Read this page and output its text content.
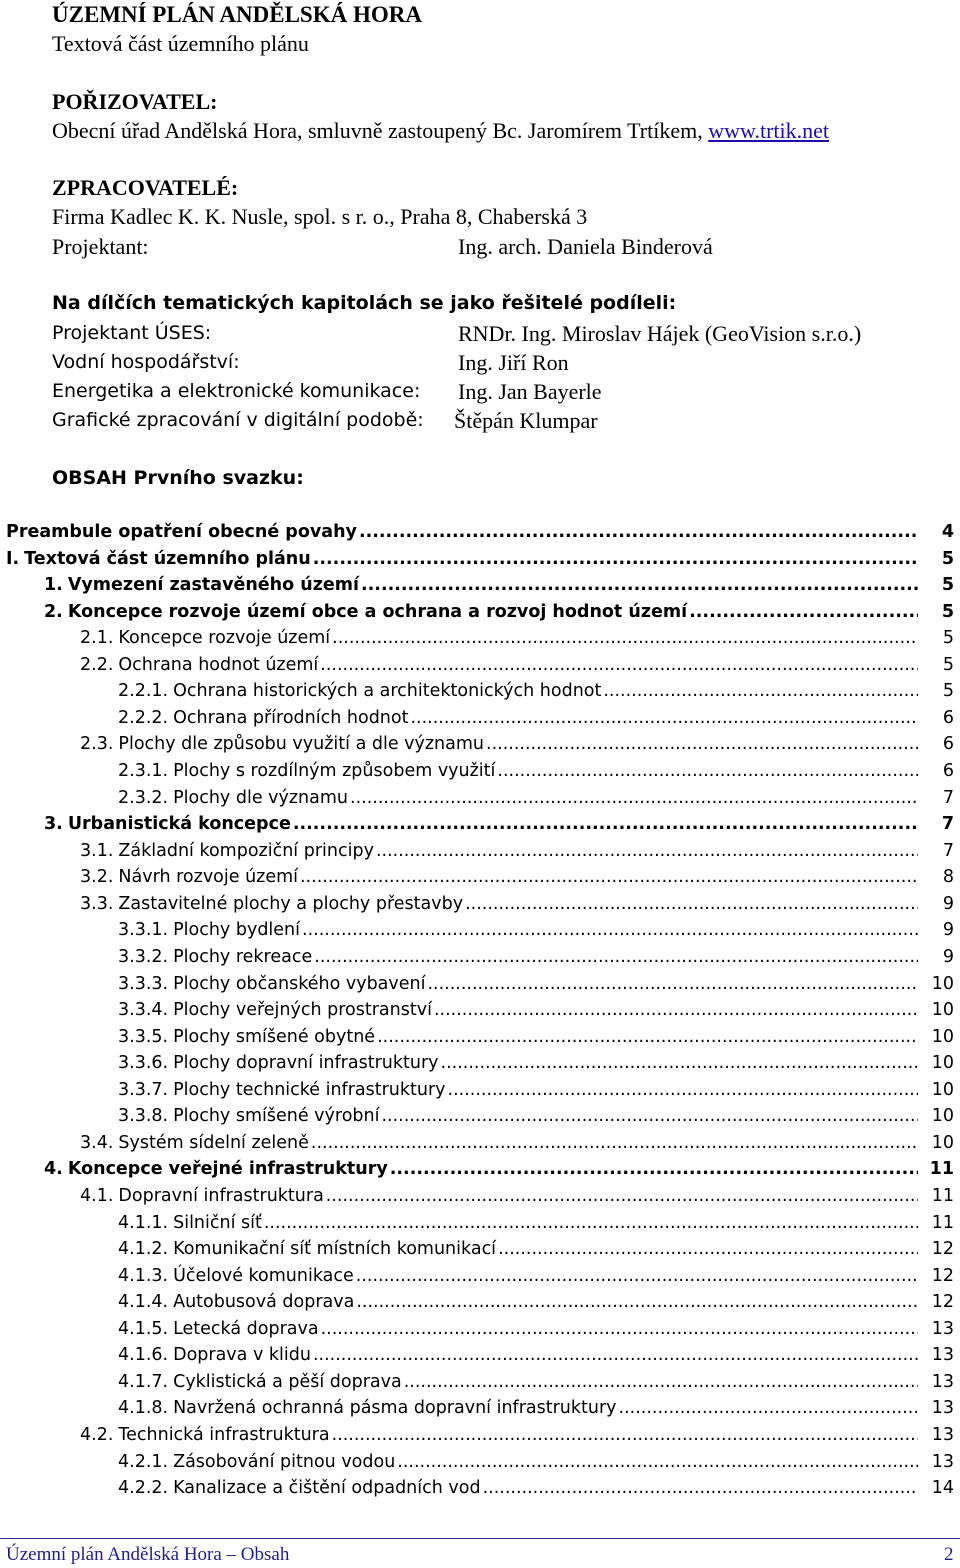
ÚZEMNÍ PLÁN ANDĚLSKÁ HORA
Textová část územního plánu
POŘIZOVATEL:
Obecní úřad Andělská Hora, smluvně zastoupený Bc. Jaromírem Trtíkem, www.trtik.net
ZPRACOVATELÉ:
Firma Kadlec K. K. Nusle, spol. s r. o., Praha 8, Chaberská 3
Projektant:	Ing. arch. Daniela Binderová
Na dílčích tematických kapitolách se jako řešitelé podíleli:
Projektant ÚSES:	RNDr. Ing. Miroslav Hájek (GeoVision s.r.o.)
Vodní hospodářství:	Ing. Jiří Ron
Energetika a elektronické komunikace: Ing. Jan Bayerle
Grafické zpracování v digitální podobě: Štěpán Klumpar
OBSAH Prvního svazku:
Preambule opatření obecné povahy .....	4
I. Textová část územního plánu .....	5
1. Vymezení zastavěného území .....	5
2. Koncepce rozvoje území obce a ochrana a rozvoj hodnot území .....	5
2.1. Koncepce rozvoje území .....	5
2.2. Ochrana hodnot území .....	5
2.2.1. Ochrana historických a architektonických hodnot .....	5
2.2.2. Ochrana přírodních hodnot .....	6
2.3. Plochy dle způsobu využití a dle významu .....	6
2.3.1. Plochy s rozdílným způsobem využití .....	6
2.3.2. Plochy dle významu .....	7
3. Urbanistická koncepce .....	7
3.1. Základní kompoziční principy .....	7
3.2. Návrh rozvoje území .....	8
3.3. Zastavitelné plochy a plochy přestavby .....	9
3.3.1. Plochy bydlení .....	9
3.3.2. Plochy rekreace .....	9
3.3.3. Plochy občanského vybavení .....	10
3.3.4. Plochy veřejných prostranství .....	10
3.3.5. Plochy smíšené obytné .....	10
3.3.6. Plochy dopravní infrastruktury .....	10
3.3.7. Plochy technické infrastruktury .....	10
3.3.8. Plochy smíšené výrobní .....	10
3.4. Systém sídelní zeleně .....	10
4. Koncepce veřejné infrastruktury .....	11
4.1. Dopravní infrastruktura .....	11
4.1.1. Silniční síť .....	11
4.1.2. Komunikační síť místních komunikací .....	12
4.1.3. Účelové komunikace .....	12
4.1.4. Autobusová doprava .....	12
4.1.5. Letecká doprava .....	13
4.1.6. Doprava v klidu .....	13
4.1.7. Cyklistická a pěší doprava .....	13
4.1.8. Navržená ochranná pásma dopravní infrastruktury .....	13
4.2. Technická infrastruktura .....	13
4.2.1. Zásobování pitnou vodou .....	13
4.2.2. Kanalizace a čištění odpadních vod .....	14
Územní plán Andělská Hora – Obsah	2
